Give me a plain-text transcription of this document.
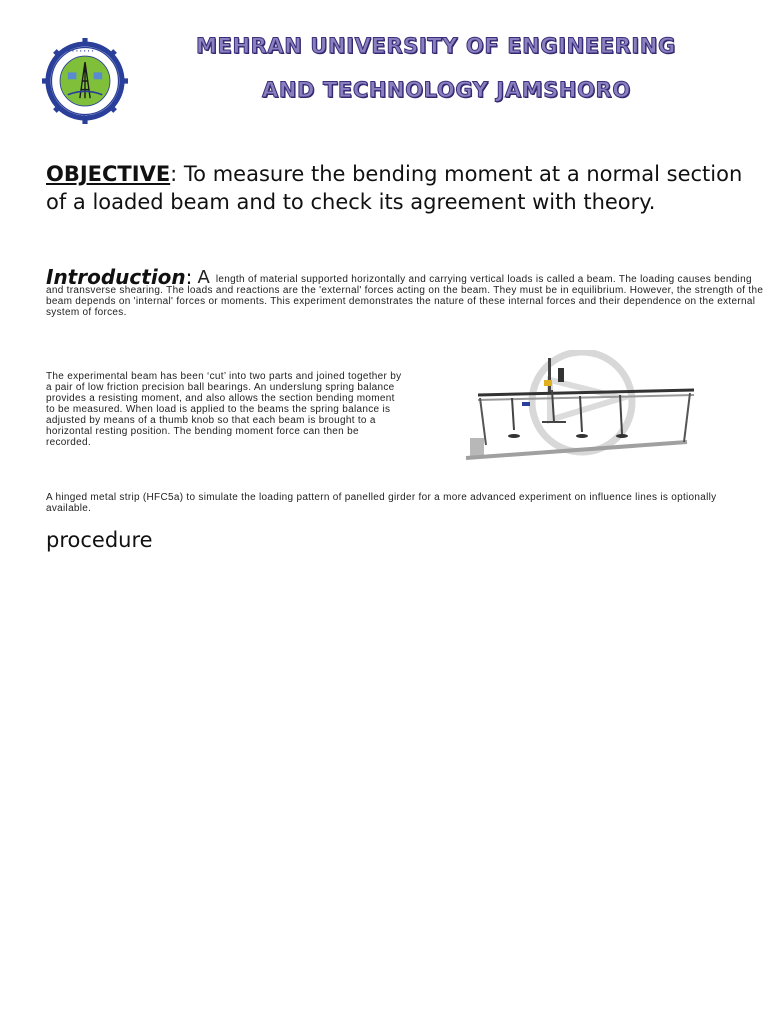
• • • • • • •
• • • • •
MEHRAN UNIVERSITY OF ENGINEERING
AND TECHNOLOGY JAMSHORO
OBJECTIVE: To measure the bending moment at a normal section of a loaded beam and to check its agreement with theory.
Introduction: A length of material supported horizontally and carrying vertical loads is called a beam. The loading causes bending and transverse shearing. The loads and reactions are the 'external' forces acting on the beam. They must be in equilibrium. However, the strength of the beam depends on 'internal' forces or moments. This experiment demonstrates the nature of these internal forces and their dependence on the external system of forces.
The experimental beam has been ‘cut’ into two parts and joined together by a pair of low friction precision ball bearings. An underslung spring balance provides a resisting moment, and also allows the section bending moment to be measured. When load is applied to the beams the spring balance is adjusted by means of a thumb knob so that each beam is brought to a horizontal resting position. The bending moment force can then be recorded.
A hinged metal strip (HFC5a) to simulate the loading pattern of panelled girder for a more advanced experiment on influence lines is optionally available.
procedure
